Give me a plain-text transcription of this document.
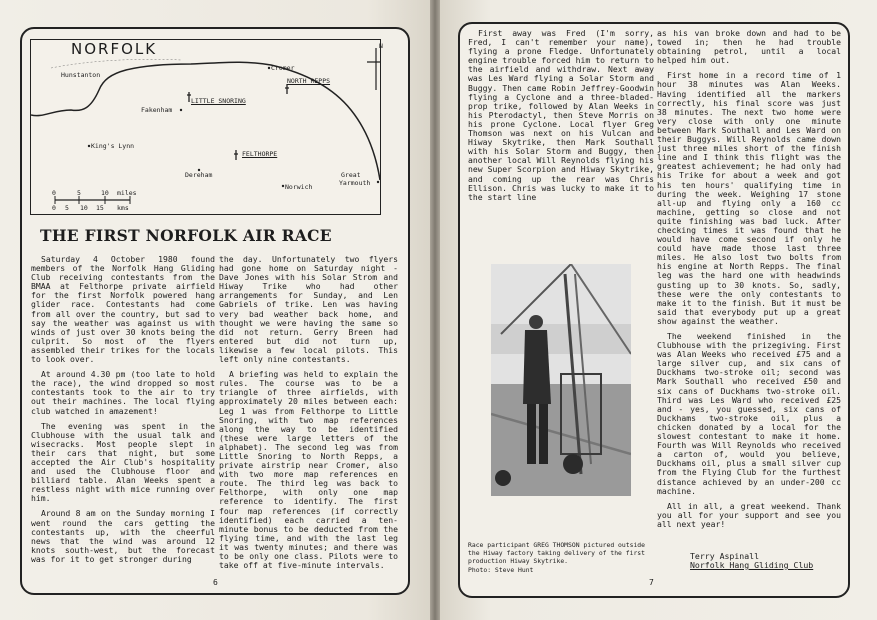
NORFOLK	N
Hunstanton
Cromer
NORTH REPPS
LITTLE SNORING
Fakenham
King's Lynn
FELTHORPE
Dereham
Norwich
Great
Yarmouth
0	5	10 miles
0 5 10 15 kms
THE FIRST NORFOLK AIR RACE

Saturday 4 October 1980 found members of the Norfolk Hang Gliding Club receiving contestants from the BMAA at Felthorpe private airfield for the first Norfolk powered hang glider race. Contestants had come from all over the country, but sad to say the weather was against us with winds of just over 30 knots being the culprit. So most of the flyers assembled their trikes for the locals to look over.

At around 4.30 pm (too late to hold the race), the wind dropped so most contestants took to the air to try out their machines. The local flying club watched in amazement!

The evening was spent in the Clubhouse with the usual talk and wisecracks. Most people slept in their cars that night, but some accepted the Air Club's hospitality and used the Clubhouse floor and billiard table. Alan Weeks spent a restless night with mice running over him.

Around 8 am on the Sunday morning I went round the cars getting the contestants up, with the cheerful news that the wind was around 12 knots south-west, but the forecast was for it to get stronger during

the day. Unfortunately two flyers had gone home on Saturday night - Dave Jones with his Solar Strom and Hiway Trike who had other arrangements for Sunday, and Len Gabriels of trike. Len was having very bad weather back home, and thought we were having the same so did not return. Gerry Breen had entered but did not turn up, likewise a few local pilots. This left only nine contestants.

A briefing was held to explain the rules. The course was to be a triangle of three airfields, with approximately 20 miles between each: Leg 1 was from Felthorpe to Little Snoring, with two map references along the way to be identified (these were large letters of the alphabet). The second leg was from Little Snoring to North Repps, a private airstrip near Cromer, also with two more map references en route. The third leg was back to Felthorpe, with only one map reference to identify. The first four map references (if correctly identified) each carried a ten-minute bonus to be deducted from the flying time, and with the last leg it was twenty minutes; and there was to be only one class. Pilots were to take off at five-minute intervals.

6

First away was Fred (I'm sorry, Fred, I can't remember your name), flying a prone Fledge. Unfortunately engine trouble forced him to return to the airfield and withdraw. Next away was Les Ward flying a Solar Storm and Buggy. Then came Robin Jeffrey-Goodwin flying a Cyclone and a three-bladed-prop trike, followed by Alan Weeks in his Pterodactyl, then Steve Morris on his prone Cyclone. Local flyer Greg Thomson was next on his Vulcan and Hiway Skytrike, then Mark Southall with his Solar Storm and Buggy, then another local Will Reynolds flying his new Super Scorpion and Hiway Skytrike, and coming up the rear was Chris Ellison. Chris was lucky to make it to the start line

as his van broke down and had to be towed in; then he had trouble obtaining petrol, until a local helped him out.

First home in a record time of 1 hour 38 minutes was Alan Weeks. Having identified all the markers correctly, his final score was just 38 minutes. The next two home were very close with only one minute between Mark Southall and Les Ward on their Buggys. Will Reynolds came down just three miles short of the finish line and I think this flight was the greatest achievement; he had only had his Trike for about a week and got his ten hours' qualifying time in during the week. Weighing 17 stone all-up and flying only a 160 cc machine, getting so close and not quite finishing was bad luck. After checking times it was found that he would have come second if only he could have made those last three miles. He also lost two bolts from his engine at North Repps. The final leg was the hard one with headwinds gusting up to 30 knots. So, sadly, these were the only contestants to make it to the finish. But it must be said that everybody put up a great show against the weather.

The weekend finished in the Clubhouse with the prizegiving. First was Alan Weeks who received £75 and a large silver cup, and six cans of Duckhams two-stroke oil; second was Mark Southall who received £50 and six cans of Duckhams two-stroke oil. Third was Les Ward who received £25 and - yes, you guessed, six cans of Duckhams two-stroke oil, plus a chicken donated by a local for the slowest contestant to make it home. Fourth was Will Reynolds who received a carton of, would you believe, Duckhams oil, plus a small silver cup from the Flying Club for the furthest distance achieved by an under-200 cc machine.

All in all, a great weekend. Thank you all for your support and see you all next year!

Race participant GREG THOMSON pictured outside the Hiway factory taking delivery of the first production Hiway Skytrike.
Photo: Steve Hunt
7
Terry Aspinall
Norfolk Hang Gliding Club
